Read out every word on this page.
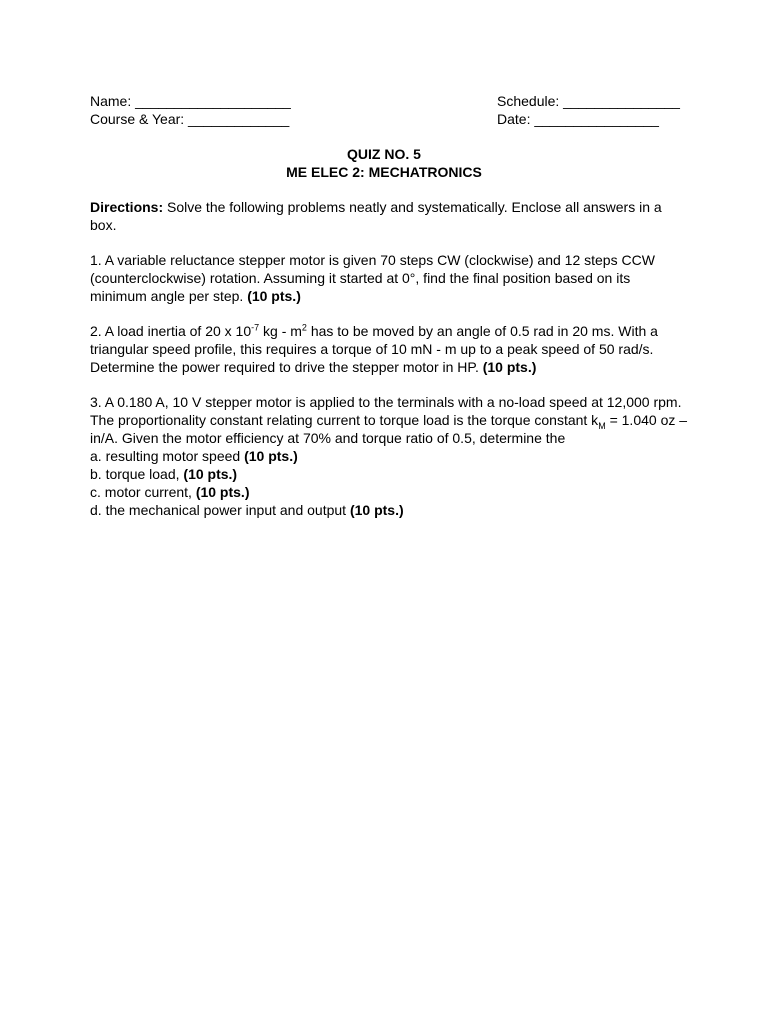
Name: ____________________
Course & Year: _____________
Schedule: _______________
Date: ________________
QUIZ NO. 5
ME ELEC 2: MECHATRONICS
Directions: Solve the following problems neatly and systematically. Enclose all answers in a
box.
1. A variable reluctance stepper motor is given 70 steps CW (clockwise) and 12 steps CCW
(counterclockwise) rotation. Assuming it started at 0°, find the final position based on its
minimum angle per step. (10 pts.)
2. A load inertia of 20 x $10^{-7}$ kg - $m^2$ has to be moved by an angle of 0.5 rad in 20 ms. With a
triangular speed profile, this requires a torque of 10 mN - m up to a peak speed of 50 rad/s.
Determine the power required to drive the stepper motor in HP. (10 pts.)
3. A 0.180 A, 10 V stepper motor is applied to the terminals with a no-load speed at 12,000 rpm.
The proportionality constant relating current to torque load is the torque constant $k_M = 1.040$ oz –
in/A. Given the motor efficiency at 70% and torque ratio of 0.5, determine the
a. resulting motor speed (10 pts.)
b. torque load, (10 pts.)
c. motor current, (10 pts.)
d. the mechanical power input and output (10 pts.)
